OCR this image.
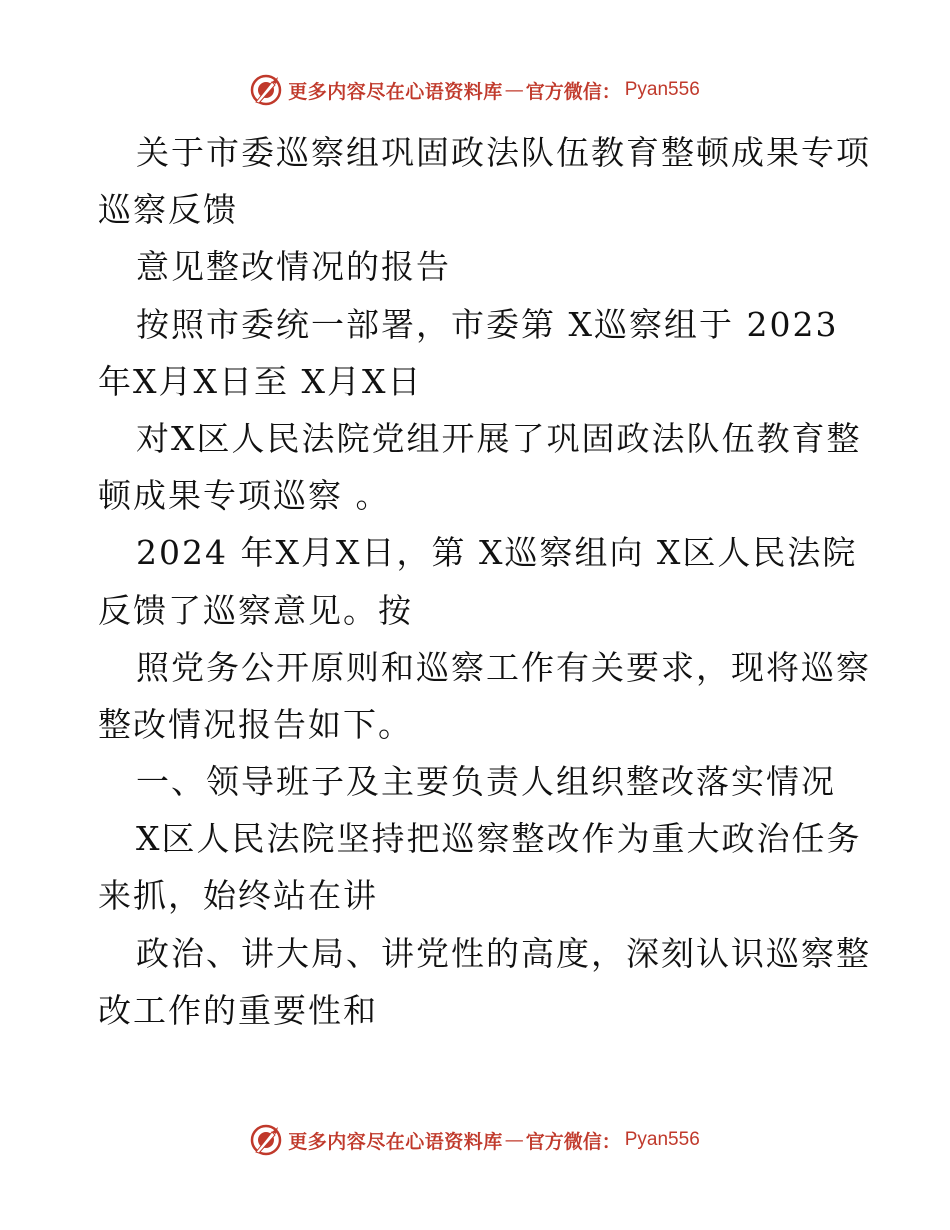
更多内容尽在心语资料库 — 官方微信： Pyan556
关于市委巡察组巩固政法队伍教育整顿成果专项
巡察反馈
意见整改情况的报告
按照市委统一部署，市委第 X巡察组于 2023
年X月X日至 X月X日
对X区人民法院党组开展了巩固政法队伍教育整
顿成果专项巡察 。
2024 年X月X日，第 X巡察组向 X区人民法院
反馈了巡察意见。按
照党务公开原则和巡察工作有关要求，现将巡察
整改情况报告如下。
一、领导班子及主要负责人组织整改落实情况
X区人民法院坚持把巡察整改作为重大政治任务
来抓，始终站在讲
政治、讲大局、讲党性的高度，深刻认识巡察整
改工作的重要性和
更多内容尽在心语资料库 — 官方微信： Pyan556
